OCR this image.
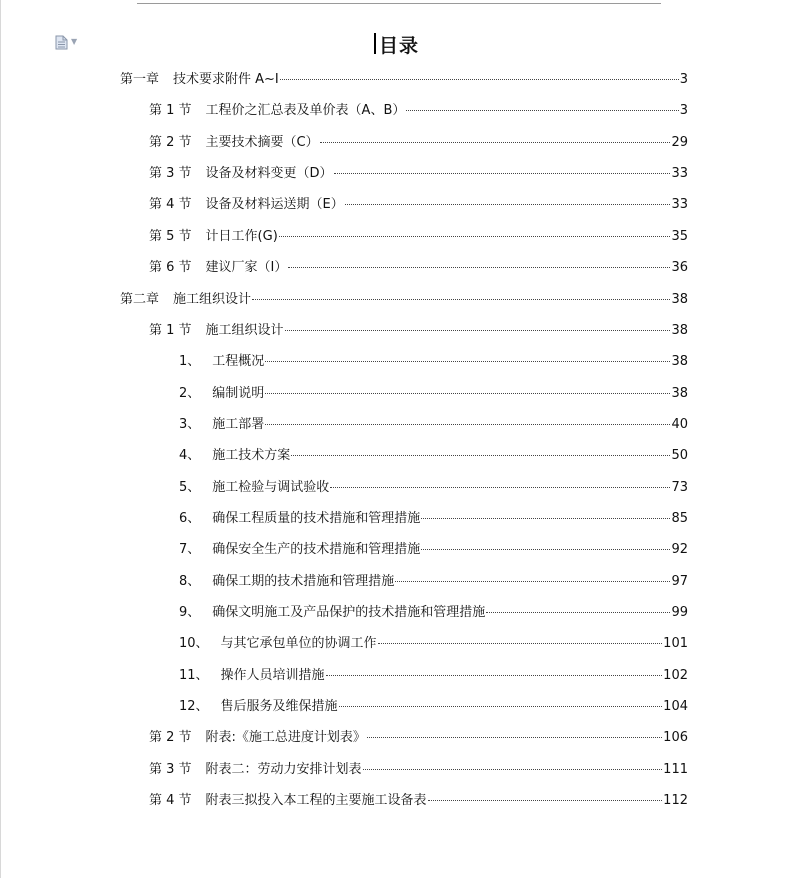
▼	目录
第一章 技术要求附件 A~I	3
第 1 节 工程价之汇总表及单价表（A、B）	3
第 2 节 主要技术摘要（C）	29
第 3 节 设备及材料变更（D）	33
第 4 节 设备及材料运送期（E）	33
第 5 节 计日工作(G)	35
第 6 节 建议厂家（I）	36
第二章 施工组织设计	38
第 1 节 施工组织设计	38
1、 工程概况	38
2、 编制说明	38
3、 施工部署	40
4、 施工技术方案	50
5、 施工检验与调试验收	73
6、 确保工程质量的技术措施和管理措施	85
7、 确保安全生产的技术措施和管理措施	92
8、 确保工期的技术措施和管理措施	97
9、 确保文明施工及产品保护的技术措施和管理措施	99
10、 与其它承包单位的协调工作	101
11、 操作人员培训措施	102
12、 售后服务及维保措施	104
第 2 节 附表:《施工总进度计划表》	106
第 3 节 附表二：劳动力安排计划表	111
第 4 节 附表三拟投入本工程的主要施工设备表	112
